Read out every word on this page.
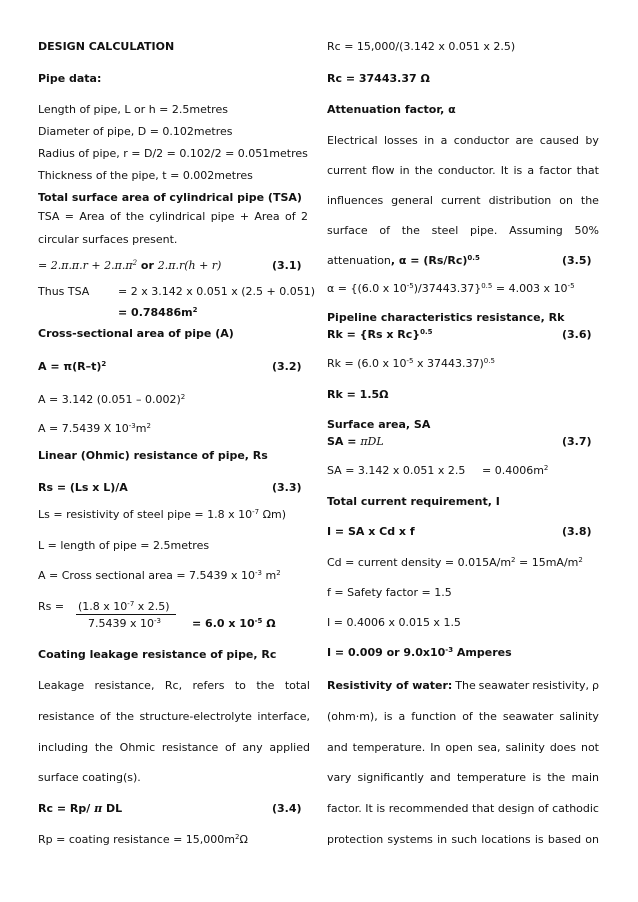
DESIGN CALCULATION
Pipe data:
Length of pipe, L or h = 2.5metres
Diameter of pipe, D = 0.102metres
Radius of pipe, r = D/2 = 0.102/2 = 0.051metres
Thickness of the pipe, t = 0.002metres
Total surface area of cylindrical pipe (TSA)
TSA = Area of the cylindrical pipe + Area of 2
circular surfaces present.
= $2.\pi.\pi.r + 2.\pi.\pi^2$ or 2.π.r(h + r)	(3.1)
Thus TSA	= 2 x 3.142 x 0.051 x (2.5 + 0.051)
= $0.78486m^2$
Cross-sectional area of pipe (A)
$A = \pi(R-t)^2$	(3.2)
A = 3.142 (0.051 – 0.002)$^2$
A = 7.5439 X $10^{-3}m^2$
Linear (Ohmic) resistance of pipe, Rs
Rs = (Ls x L)/A	(3.3)
Ls = resistivity of steel pipe = 1.8 x $10^{-7}$ Ωm)
L = length of pipe = 2.5metres
A = Cross sectional area = 7.5439 x $10^{-3}$ $m^2$
Rs = (1.8 x $10^{-7}$ x 2.5)
7.5439 x $10^{-3}$	= 6.0 x $10^{-5}$ Ω
Coating leakage resistance of pipe, Rc
Leakage resistance, Rc, refers to the total
resistance of the structure-electrolyte interface,
including the Ohmic resistance of any applied
surface coating(s).
Rc = Rp/ π DL	(3.4)
Rp = coating resistance = $15,000m^2\Omega$
Rc = 15,000/(3.142 x 0.051 x 2.5)
Rc = 37443.37 Ω
Attenuation factor, α
Electrical losses in a conductor are caused by
current flow in the conductor. It is a factor that
influences general current distribution on the
surface of the steel pipe. Assuming 50%
attenuation, $\alpha = (Rs/Rc)^{0.5}$	(3.5)
α = {(6.0 x $10^{-5})/37443.37\}^{0.5} = 4.003$ x $10^{-5}$
Pipeline characteristics resistance, Rk
Rk = {Rs x Rc}$^{0.5}$	(3.6)
Rk = (6.0 x $10^{-5}$ x 37443.37)$^{0.5}$
Rk = 1.5Ω
Surface area, SA
SA = πDL	(3.7)
SA = 3.142 x 0.051 x $2.5 = 0.4006m^2$
Total current requirement, I
I = SA x Cd x f	(3.8)
Cd = current density = $0.015A/m^2 = 15mA/m^2$
f = Safety factor = 1.5
I = 0.4006 x 0.015 x 1.5
I = 0.009 or $9.0x10^{-3}$ Amperes
Resistivity of water: The seawater resistivity, ρ
(ohm·m), is a function of the seawater salinity
and temperature. In open sea, salinity does not
vary significantly and temperature is the main
factor. It is recommended that design of cathodic
protection systems in such locations is based on
